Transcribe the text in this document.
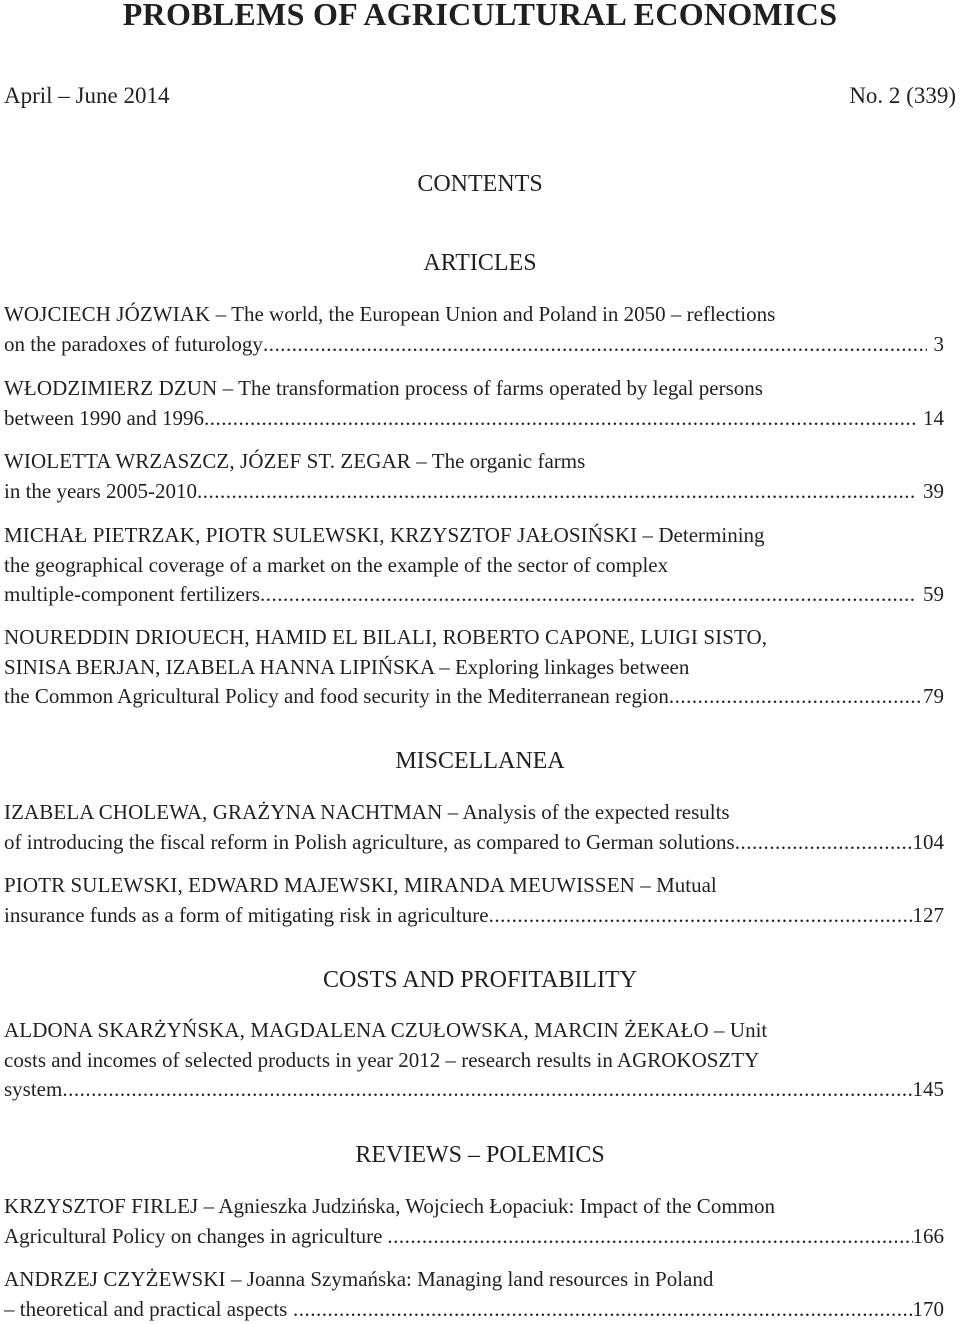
PROBLEMS OF AGRICULTURAL ECONOMICS
April – June 2014	No. 2 (339)
CONTENTS
ARTICLES
WOJCIECH JÓZWIAK – The world, the European Union and Poland in 2050 – reflections
on the paradoxes of futurology .....	3
WŁODZIMIERZ DZUN – The transformation process of farms operated by legal persons
between 1990 and 1996 .....	14
WIOLETTA WRZASZCZ, JÓZEF ST. ZEGAR – The organic farms
in the years 2005-2010 .....	39
MICHAŁ PIETRZAK, PIOTR SULEWSKI, KRZYSZTOF JAŁOSIŃSKI – Determining
the geographical coverage of a market on the example of the sector of complex
multiple-component fertilizers .....	59
NOUREDDIN DRIOUECH, HAMID EL BILALI, ROBERTO CAPONE, LUIGI SISTO,
SINISA BERJAN, IZABELA HANNA LIPIŃSKA – Exploring linkages between
the Common Agricultural Policy and food security in the Mediterranean region .....	79
MISCELLANEA
IZABELA CHOLEWA, GRAŻYNA NACHTMAN – Analysis of the expected results
of introducing the fiscal reform in Polish agriculture, as compared to German solutions .....	104
PIOTR SULEWSKI, EDWARD MAJEWSKI, MIRANDA MEUWISSEN – Mutual
insurance funds as a form of mitigating risk in agriculture .....	127
COSTS AND PROFITABILITY
ALDONA SKARŻYŃSKA, MAGDALENA CZUŁOWSKA, MARCIN ŻEKAŁO – Unit
costs and incomes of selected products in year 2012 – research results in AGROKOSZTY
system .....	145
REVIEWS – POLEMICS
KRZYSZTOF FIRLEJ – Agnieszka Judzińska, Wojciech Łopaciuk: Impact of the Common
Agricultural Policy on changes in agriculture .....	166
ANDRZEJ CZYŻEWSKI – Joanna Szymańska: Managing land resources in Poland
– theoretical and practical aspects .....	170
